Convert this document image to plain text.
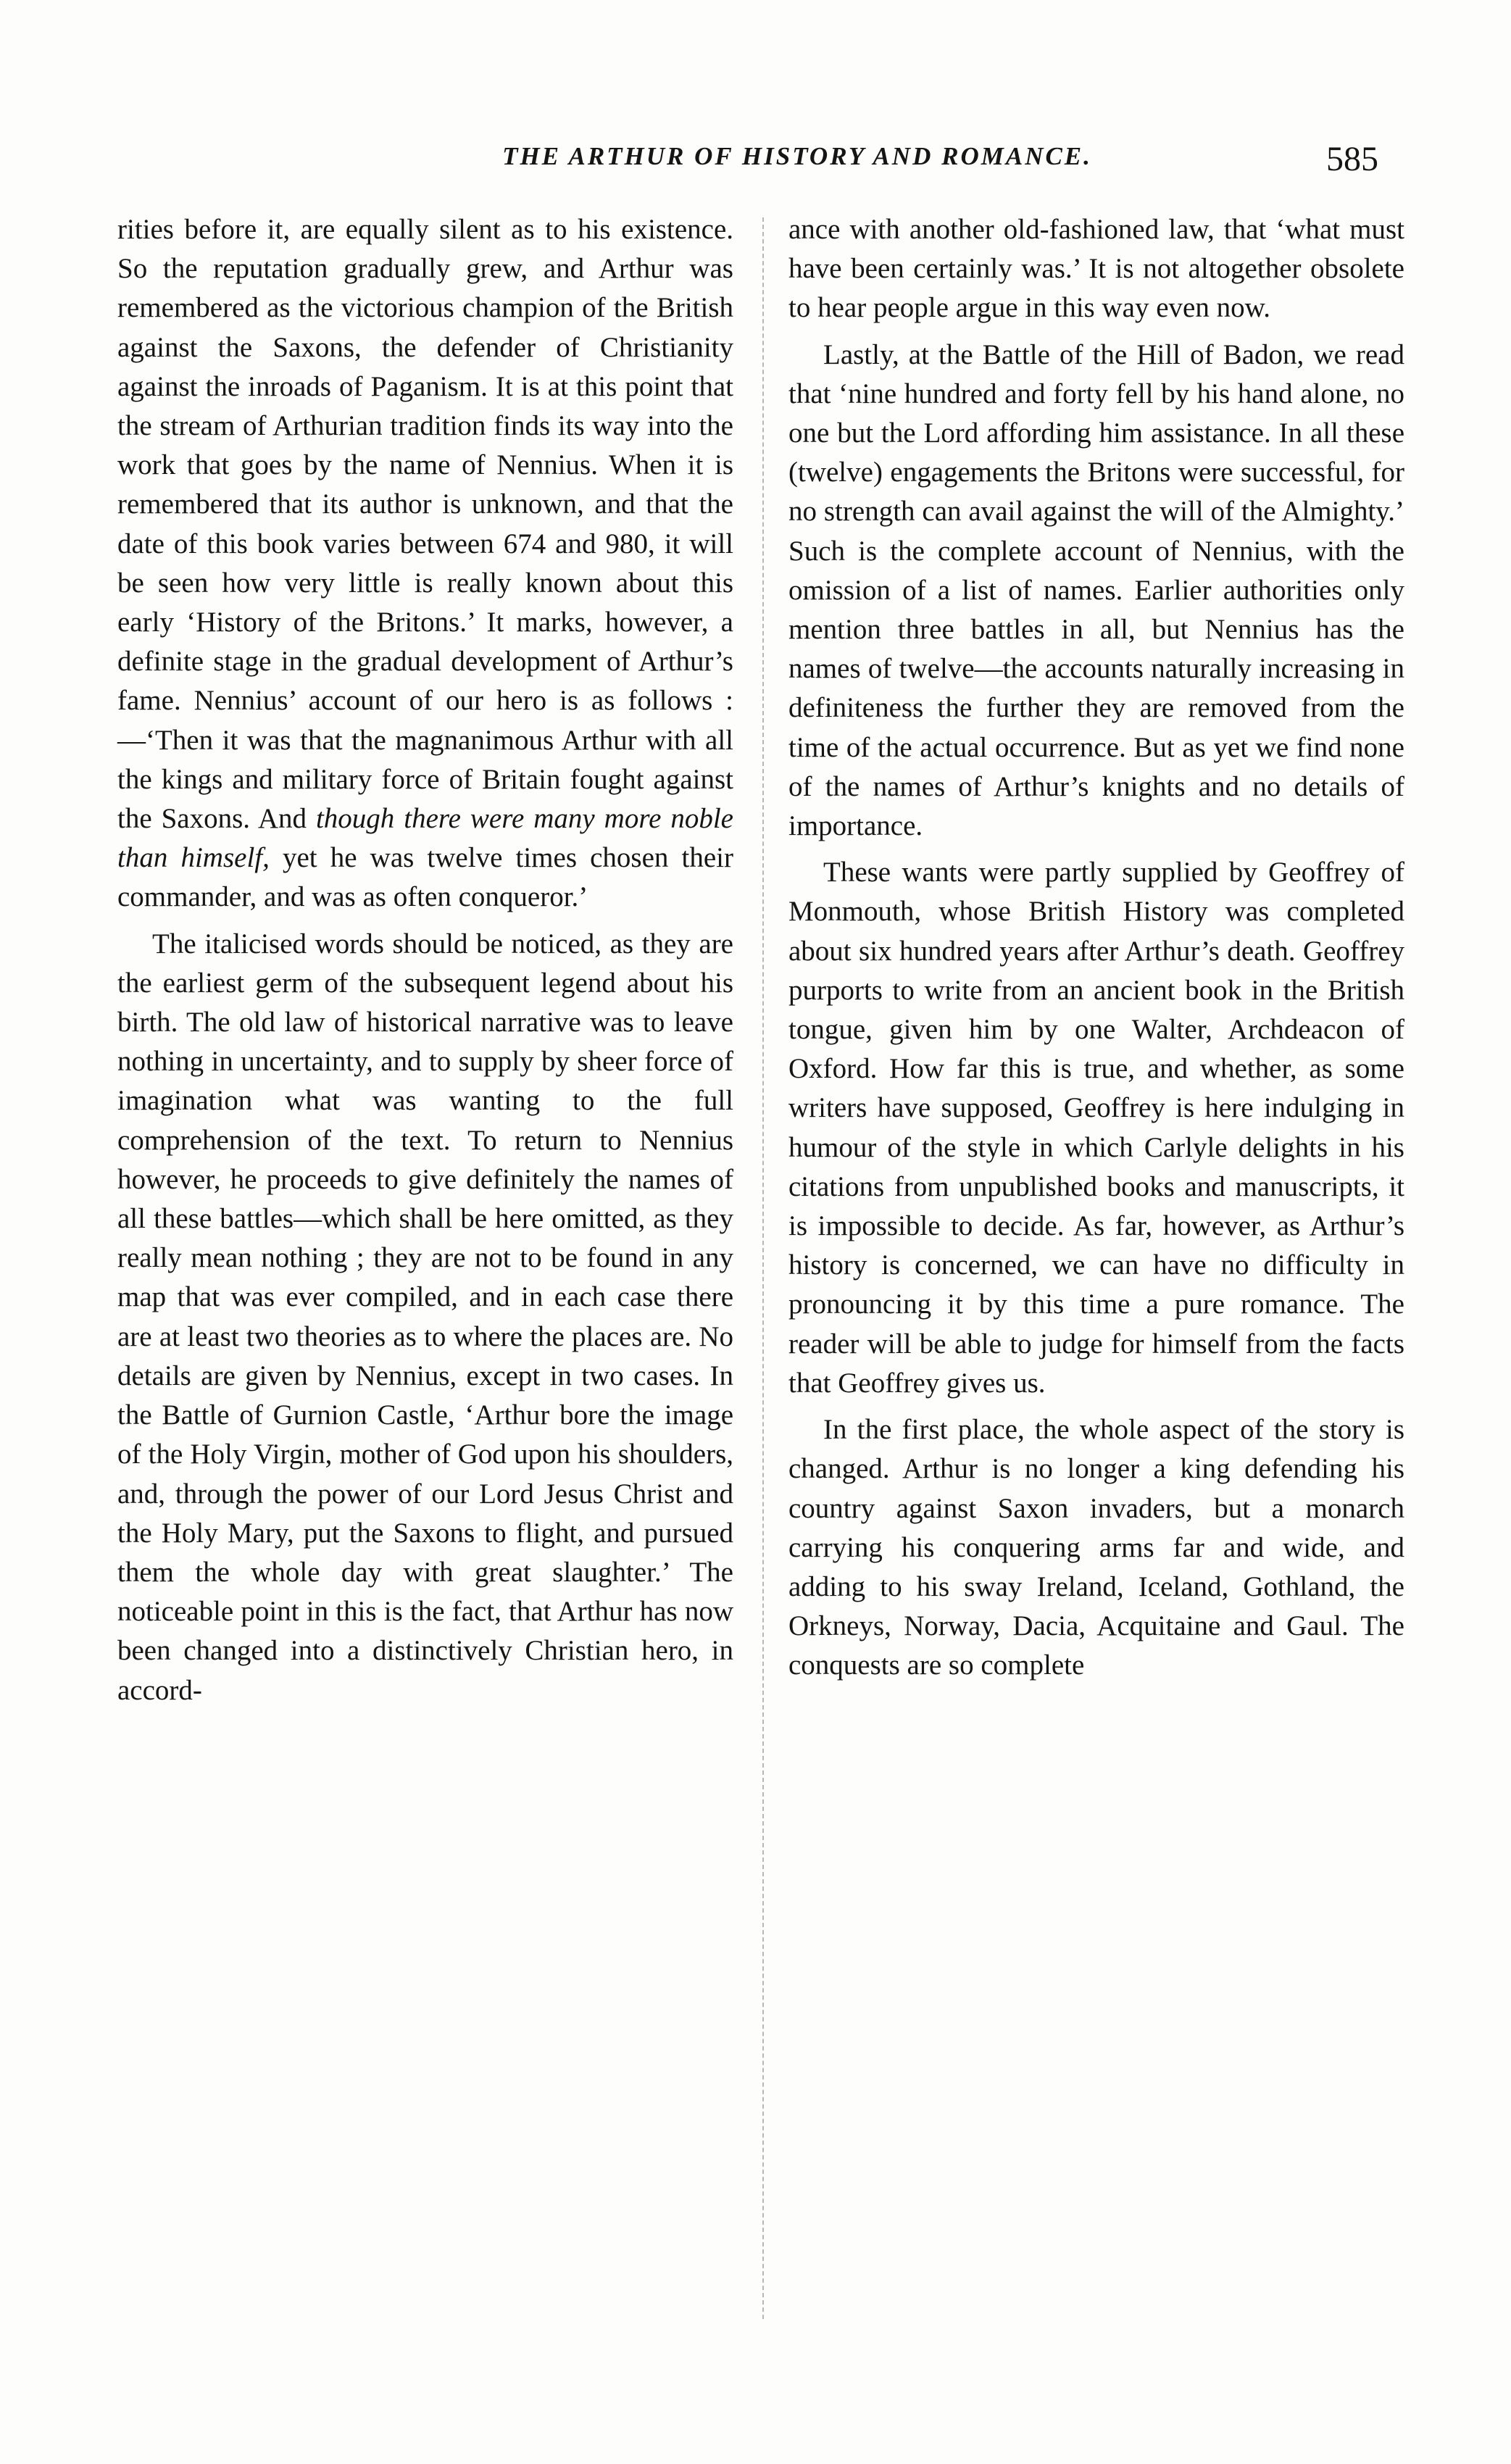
THE ARTHUR OF HISTORY AND ROMANCE.	585

rities before it, are equally silent as to his existence. So the reputation gradually grew, and Arthur was remembered as the victorious champion of the British against the Saxons, the defender of Christianity against the inroads of Paganism. It is at this point that the stream of Arthurian tradition finds its way into the work that goes by the name of Nennius. When it is remembered that its author is unknown, and that the date of this book varies between 674 and 980, it will be seen how very little is really known about this early ‘History of the Britons.’ It marks, however, a definite stage in the gradual development of Arthur’s fame. Nennius’ account of our hero is as follows :—‘Then it was that the magnanimous Arthur with all the kings and military force of Britain fought against the Saxons. And though there were many more noble than himself, yet he was twelve times chosen their commander, and was as often conqueror.’

The italicised words should be noticed, as they are the earliest germ of the subsequent legend about his birth. The old law of historical narrative was to leave nothing in uncertainty, and to supply by sheer force of imagination what was wanting to the full comprehension of the text. To return to Nennius however, he proceeds to give definitely the names of all these battles—which shall be here omitted, as they really mean nothing ; they are not to be found in any map that was ever compiled, and in each case there are at least two theories as to where the places are. No details are given by Nennius, except in two cases. In the Battle of Gurnion Castle, ‘Arthur bore the image of the Holy Virgin, mother of God upon his shoulders, and, through the power of our Lord Jesus Christ and the Holy Mary, put the Saxons to flight, and pursued them the whole day with great slaughter.’ The noticeable point in this is the fact, that Arthur has now been changed into a distinctively Christian hero, in accord-

ance with another old-fashioned law, that ‘what must have been certainly was.’ It is not altogether obsolete to hear people argue in this way even now.

Lastly, at the Battle of the Hill of Badon, we read that ‘nine hundred and forty fell by his hand alone, no one but the Lord affording him assistance. In all these (twelve) engagements the Britons were successful, for no strength can avail against the will of the Almighty.’ Such is the complete account of Nennius, with the omission of a list of names. Earlier authorities only mention three battles in all, but Nennius has the names of twelve—the accounts naturally increasing in definiteness the further they are removed from the time of the actual occurrence. But as yet we find none of the names of Arthur’s knights and no details of importance.

These wants were partly supplied by Geoffrey of Monmouth, whose British History was completed about six hundred years after Arthur’s death. Geoffrey purports to write from an ancient book in the British tongue, given him by one Walter, Archdeacon of Oxford. How far this is true, and whether, as some writers have supposed, Geoffrey is here indulging in humour of the style in which Carlyle delights in his citations from unpublished books and manuscripts, it is impossible to decide. As far, however, as Arthur’s history is concerned, we can have no difficulty in pronouncing it by this time a pure romance. The reader will be able to judge for himself from the facts that Geoffrey gives us.

In the first place, the whole aspect of the story is changed. Arthur is no longer a king defending his country against Saxon invaders, but a monarch carrying his conquering arms far and wide, and adding to his sway Ireland, Iceland, Gothland, the Orkneys, Norway, Dacia, Acquitaine and Gaul. The conquests are so complete
